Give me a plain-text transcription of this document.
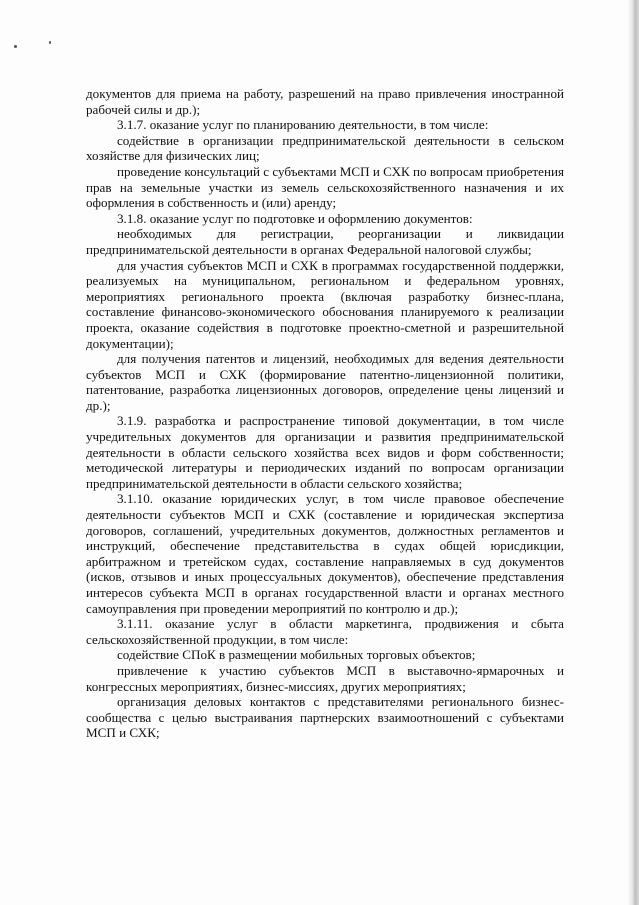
документов для приема на работу, разрешений на право привлечения иностранной рабочей силы и др.);

3.1.7. оказание услуг по планированию деятельности, в том числе:

содействие в организации предпринимательской деятельности в сельском хозяйстве для физических лиц;

проведение консультаций с субъектами МСП и СХК по вопросам приобретения прав на земельные участки из земель сельскохозяйственного назначения и их оформления в собственность и (или) аренду;

3.1.8. оказание услуг по подготовке и оформлению документов:

необходимых для регистрации, реорганизации и ликвидации предпринимательской деятельности в органах Федеральной налоговой службы;

для участия субъектов МСП и СХК в программах государственной поддержки, реализуемых на муниципальном, региональном и федеральном уровнях, мероприятиях регионального проекта (включая разработку бизнес-плана, составление финансово-экономического обоснования планируемого к реализации проекта, оказание содействия в подготовке проектно-сметной и разрешительной документации);

для получения патентов и лицензий, необходимых для ведения деятельности субъектов МСП и СХК (формирование патентно-лицензионной политики, патентование, разработка лицензионных договоров, определение цены лицензий и др.);

3.1.9. разработка и распространение типовой документации, в том числе учредительных документов для организации и развития предпринимательской деятельности в области сельского хозяйства всех видов и форм собственности; методической литературы и периодических изданий по вопросам организации предпринимательской деятельности в области сельского хозяйства;

3.1.10. оказание юридических услуг, в том числе правовое обеспечение деятельности субъектов МСП и СХК (составление и юридическая экспертиза договоров, соглашений, учредительных документов, должностных регламентов и инструкций, обеспечение представительства в судах общей юрисдикции, арбитражном и третейском судах, составление направляемых в суд документов (исков, отзывов и иных процессуальных документов), обеспечение представления интересов субъекта МСП в органах государственной власти и органах местного самоуправления при проведении мероприятий по контролю и др.);

3.1.11. оказание услуг в области маркетинга, продвижения и сбыта сельскохозяйственной продукции, в том числе:

содействие СПоК в размещении мобильных торговых объектов;

привлечение к участию субъектов МСП в выставочно-ярмарочных и конгрессных мероприятиях, бизнес-миссиях, других мероприятиях;

организация деловых контактов с представителями регионального бизнес-сообщества с целью выстраивания партнерских взаимоотношений с субъектами МСП и СХК;
